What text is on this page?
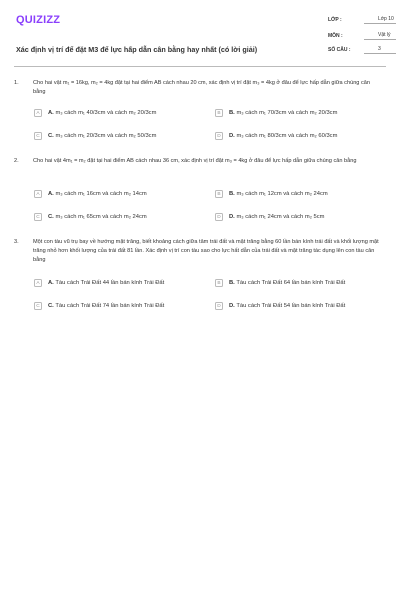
QUIZIZZ
Xác định vị trí để đặt M3 để lực hấp dẫn cân bằng hay nhất (có lời giải)
LỚP :	Lớp 10
MÔN :	Vật lý
SỐ CÂU :	3
1.	Cho hai vật m₁ = 16kg, m₂ = 4kg đặt tại hai điểm AB cách nhau 20 cm, xác định vị trí đặt m₃ = 4kg ở đâu để lực hấp dẫn giữa chúng cân bằng
A	A. m₃ cách m₁ 40/3cm và cách m₂ 20/3cm	B	B. m₃ cách m₁ 70/3cm và cách m₂ 20/3cm
C	C. m₃ cách m₁ 20/3cm và cách m₂ 50/3cm	D	D. m₃ cách m₁ 80/3cm và cách m₂ 60/3cm
2.	Cho hai vật 4m₁ = m₂ đặt tại hai điểm AB cách nhau 36 cm, xác định vị trí đặt m₃ = 4kg ở đâu để lực hấp dẫn giữa chúng cân bằng
A	A. m₃ cách m₁ 16cm và cách m₂ 14cm	B	B. m₃ cách m₁ 12cm và cách m₂ 24cm
C	C. m₃ cách m₁ 65cm và cách m₂ 24cm	D	D. m₃ cách m₁ 24cm và cách m₂ 5cm
3.	Một con tàu vũ trụ bay về hướng mặt trăng, biết khoảng cách giữa tâm trái đất và mặt trăng bằng 60 lần bán kính trái đất và khối lượng mặt trăng nhỏ hơn khối lượng của trái đất 81 lần. Xác định vị trí con tàu sao cho lực hất dẫn của trái đất và mặt trăng tác dụng lên con tàu cân bằng
A	A. Tàu cách Trái Đất 44 lần bán kính Trái Đất	B	B. Tàu cách Trái Đất 64 lần bán kính Trái Đất
C	C. Tàu cách Trái Đất 74 lần bán kính Trái Đất	D	D. Tàu cách Trái Đất 54 lần bán kính Trái Đất
